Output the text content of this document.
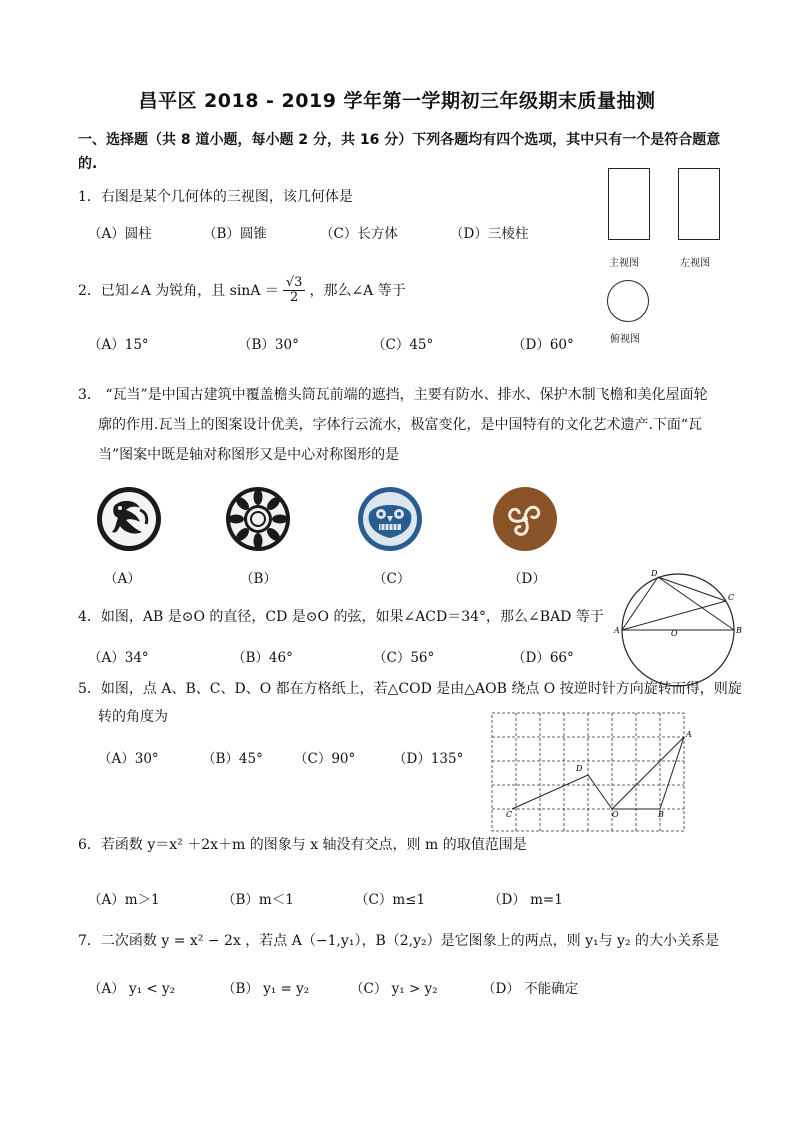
昌平区 2018 - 2019 学年第一学期初三年级期末质量抽测
一、选择题（共 8 道小题，每小题 2 分，共 16 分）下列各题均有四个选项，其中只有一个是符合题意
的.
1．右图是某个几何体的三视图，该几何体是
（A）圆柱	（B）圆锥	（C）长方体	（D）三棱柱
主视图	左视图
俯视图
2．已知∠A 为锐角，且 $\sin A = \frac{√3}{2}$ ，那么∠A 等于
（A）15°	（B）30°	（C）45°	（D）60°
3． “瓦当”是中国古建筑中覆盖檐头筒瓦前端的遮挡，主要有防水、排水、保护木制飞檐和美化屋面轮
廓的作用.瓦当上的图案设计优美，字体行云流水，极富变化，是中国特有的文化艺术遗产.下面“瓦
当”图案中既是轴对称图形又是中心对称图形的是
（A）	（B）	（C）	（D）
4．如图，AB 是⊙O 的直径，CD 是⊙O 的弦，如果∠ACD＝34°，那么∠BAD 等于
（A）34°	（B）46°	（C）56°	（D）66°
A	B
C
D
O
5．如图，点 A、B、C、D、O 都在方格纸上，若△COD 是由△AOB 绕点 O 按逆时针方向旋转而得，则旋
转的角度为
（A）30°	（B）45° （C）90°	（D）135°
A
B
C
D
O
6．若函数 y＝x² ＋2x＋m 的图象与 x 轴没有交点，则 m 的取值范围是
（A）m＞1	（B）m＜1	（C）m≤1	（D） m=1
7．二次函数 y = x² − 2x ，若点 A（−1,y₁），B（2,y₂）是它图象上的两点，则 y₁与 y₂ 的大小关系是
（A） y₁ < y₂	（B） y₁ = y₂	（C） y₁ > y₂	（D） 不能确定
